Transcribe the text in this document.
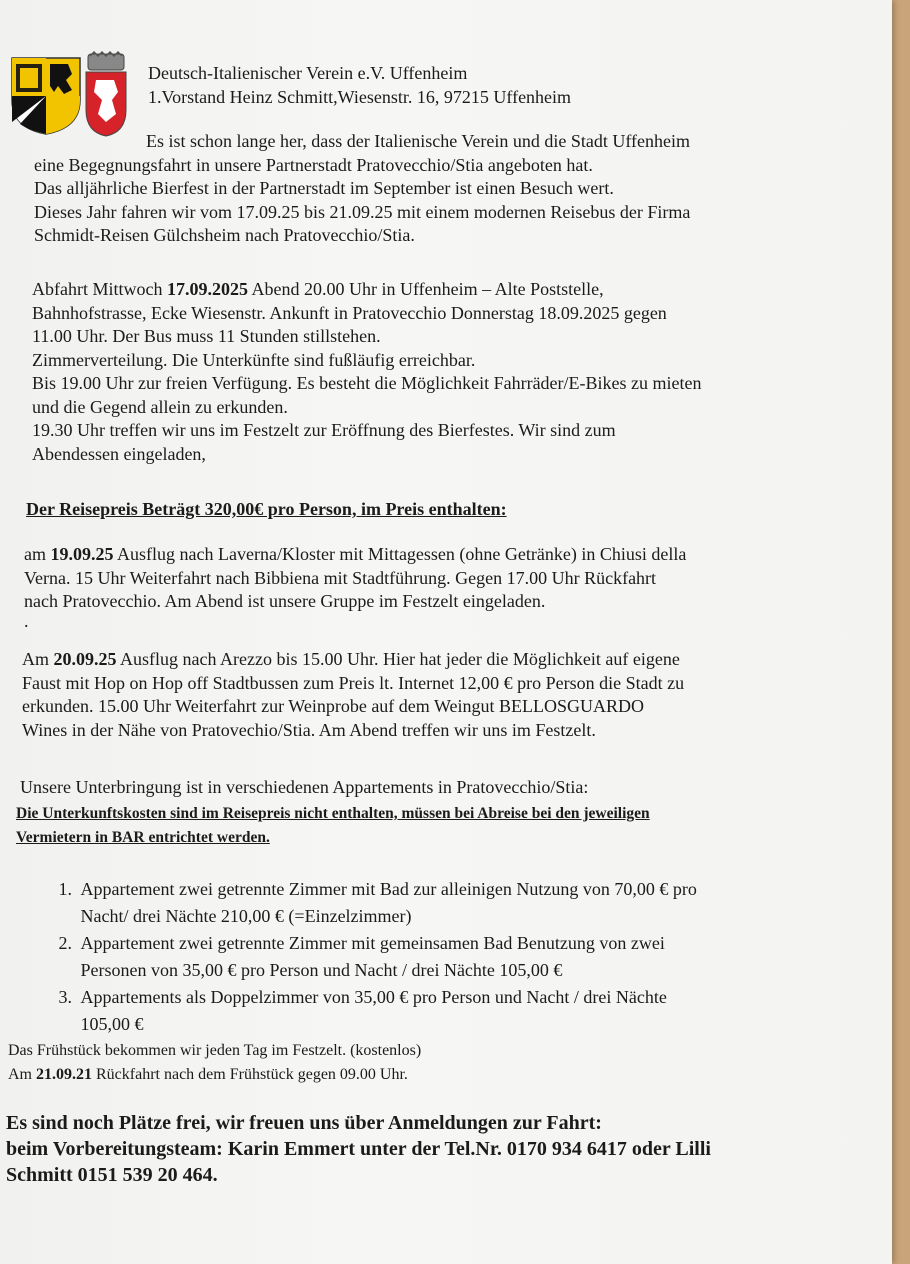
Deutsch-Italienischer Verein e.V. Uffenheim
1.Vorstand Heinz Schmitt,Wiesenstr. 16, 97215 Uffenheim
Es ist schon lange her, dass der Italienische Verein und die Stadt Uffenheim
eine Begegnungsfahrt in unsere Partnerstadt Pratovecchio/Stia angeboten hat.
Das alljährliche Bierfest in der Partnerstadt im September ist einen Besuch wert.
Dieses Jahr fahren wir vom 17.09.25 bis 21.09.25 mit einem modernen Reisebus der Firma
Schmidt-Reisen Gülchsheim nach Pratovecchio/Stia.
Abfahrt Mittwoch 17.09.2025 Abend 20.00 Uhr in Uffenheim – Alte Poststelle,
Bahnhofstrasse, Ecke Wiesenstr. Ankunft in Pratovecchio Donnerstag 18.09.2025 gegen
11.00 Uhr. Der Bus muss 11 Stunden stillstehen.
Zimmerverteilung. Die Unterkünfte sind fußläufig erreichbar.
Bis 19.00 Uhr zur freien Verfügung. Es besteht die Möglichkeit Fahrräder/E-Bikes zu mieten
und die Gegend allein zu erkunden.
19.30 Uhr treffen wir uns im Festzelt zur Eröffnung des Bierfestes. Wir sind zum
Abendessen eingeladen,
Der Reisepreis Beträgt 320,00€ pro Person, im Preis enthalten:
am 19.09.25 Ausflug nach Laverna/Kloster mit Mittagessen (ohne Getränke) in Chiusi della
Verna. 15 Uhr Weiterfahrt nach Bibbiena mit Stadtführung. Gegen 17.00 Uhr Rückfahrt
nach Pratovecchio. Am Abend ist unsere Gruppe im Festzelt eingeladen.
.
Am 20.09.25 Ausflug nach Arezzo bis 15.00 Uhr. Hier hat jeder die Möglichkeit auf eigene
Faust mit Hop on Hop off Stadtbussen zum Preis lt. Internet 12,00 € pro Person die Stadt zu
erkunden. 15.00 Uhr Weiterfahrt zur Weinprobe auf dem Weingut BELLOSGUARDO
Wines in der Nähe von Pratovechio/Stia. Am Abend treffen wir uns im Festzelt.
Unsere Unterbringung ist in verschiedenen Appartements in Pratovecchio/Stia:
Die Unterkunftskosten sind im Reisepreis nicht enthalten, müssen bei Abreise bei den jeweiligen
Vermietern in BAR entrichtet werden.
1. Appartement zwei getrennte Zimmer mit Bad zur alleinigen Nutzung von 70,00 € pro
Nacht/ drei Nächte 210,00 € (=Einzelzimmer)
2. Appartement zwei getrennte Zimmer mit gemeinsamen Bad Benutzung von zwei
Personen von 35,00 € pro Person und Nacht / drei Nächte 105,00 €
3. Appartements als Doppelzimmer von 35,00 € pro Person und Nacht / drei Nächte
105,00 €
Das Frühstück bekommen wir jeden Tag im Festzelt. (kostenlos)
Am 21.09.21 Rückfahrt nach dem Frühstück gegen 09.00 Uhr.
Es sind noch Plätze frei, wir freuen uns über Anmeldungen zur Fahrt:
beim Vorbereitungsteam: Karin Emmert unter der Tel.Nr. 0170 934 6417 oder Lilli
Schmitt 0151 539 20 464.
